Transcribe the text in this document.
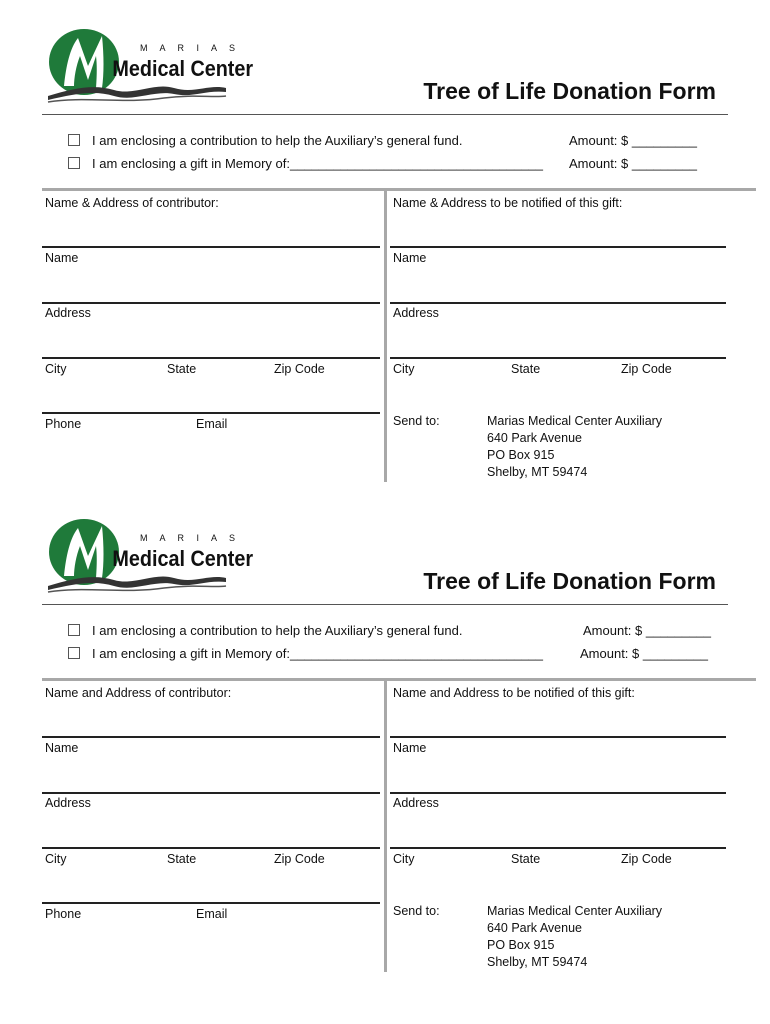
M A R I A S
Medical Center
Tree of Life Donation Form
I am enclosing a contribution to help the Auxiliary’s general fund.
I am enclosing a gift in Memory of:___________________________________
Amount: $ _________
Amount: $ _________
Name & Address of contributor:	Name & Address to be notified of this gift:
Name	Name
Address	Address
City	State	Zip Code	City	State	Zip Code
Phone	Email	Send to:	Marias Medical Center Auxiliary
640 Park Avenue
PO Box 915
Shelby, MT 59474
M A R I A S
Medical Center
Tree of Life Donation Form
I am enclosing a contribution to help the Auxiliary’s general fund.
I am enclosing a gift in Memory of:___________________________________
Amount: $ _________
Amount: $ _________
Name and Address of contributor:	Name and Address to be notified of this gift:
Name	Name
Address	Address
City	State	Zip Code	City	State	Zip Code
Phone	Email	Send to:	Marias Medical Center Auxiliary
640 Park Avenue
PO Box 915
Shelby, MT 59474
